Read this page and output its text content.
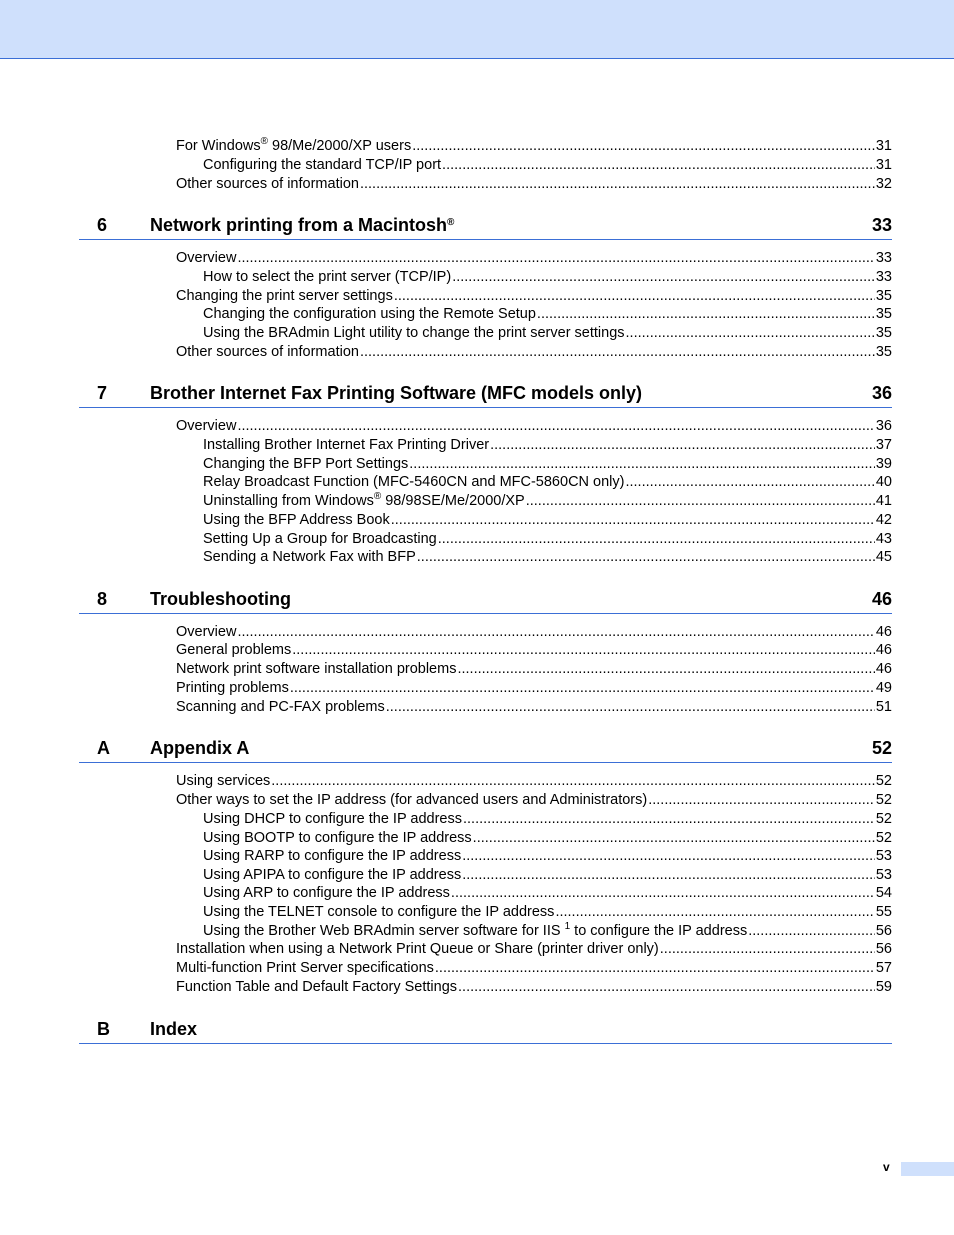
For Windows® 98/Me/2000/XP users .....	31
Configuring the standard TCP/IP port .....	31
Other sources of information .....	32
6 Network printing from a Macintosh®	33
Overview .....	33
How to select the print server (TCP/IP) .....	33
Changing the print server settings .....	35
Changing the configuration using the Remote Setup .....	35
Using the BRAdmin Light utility to change the print server settings .....	35
Other sources of information .....	35
7 Brother Internet Fax Printing Software (MFC models only)	36
Overview .....	36
Installing Brother Internet Fax Printing Driver .....	37
Changing the BFP Port Settings .....	39
Relay Broadcast Function (MFC-5460CN and MFC-5860CN only) .....	40
Uninstalling from Windows® 98/98SE/Me/2000/XP .....	41
Using the BFP Address Book .....	42
Setting Up a Group for Broadcasting .....	43
Sending a Network Fax with BFP .....	45
8 Troubleshooting	46
Overview .....	46
General problems .....	46
Network print software installation problems .....	46
Printing problems .....	49
Scanning and PC-FAX problems .....	51
A Appendix A	52
Using services .....	52
Other ways to set the IP address (for advanced users and Administrators) .....	52
Using DHCP to configure the IP address .....	52
Using BOOTP to configure the IP address .....	52
Using RARP to configure the IP address .....	53
Using APIPA to configure the IP address .....	53
Using ARP to configure the IP address .....	54
Using the TELNET console to configure the IP address .....	55
Using the Brother Web BRAdmin server software for IIS $^1$ to configure the IP address .....	56
Installation when using a Network Print Queue or Share (printer driver only) .....	56
Multi-function Print Server specifications .....	57
Function Table and Default Factory Settings .....	59
B Index
v
